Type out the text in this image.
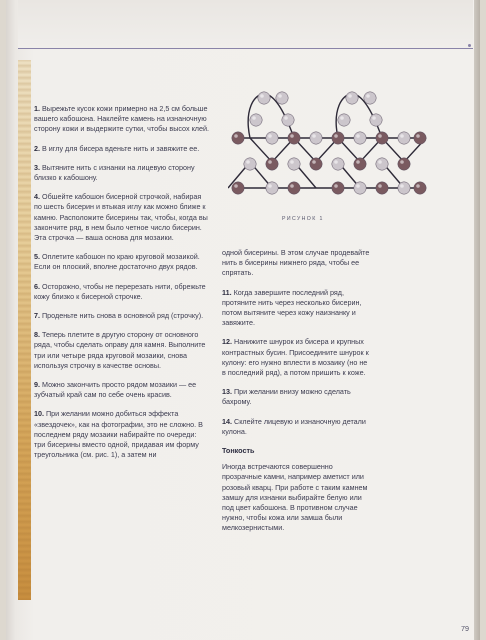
РИСУНОК 1
1. Вырежьте кусок кожи примерно на 2,5 см больше вашего кабошона. Наклейте камень на изнаночную сторону кожи и выдержите сутки, чтобы высох клей.
2. В иглу для бисера вденьте нить и завяжите ее.
3. Вытяните нить с изнанки на лицевую сторону близко к кабошону.
4. Обшейте кабошон бисерной строчкой, набирая по шесть бисерин и втыкая иглу как можно ближе к камню. Расположите бисерины так, чтобы, когда вы закончите ряд, в нем было четное число бисерин. Эта строчка — ваша основа для мозаики.
5. Оплетите кабошон по краю круговой мозаикой. Если он плоский, вполне достаточно двух рядов.
6. Осторожно, чтобы не перерезать нити, обрежьте кожу близко к бисерной строчке.
7. Проденьте нить снова в основной ряд (строчку).
8. Теперь плетите в другую сторону от основного ряда, чтобы сделать оправу для камня. Выполните три или четыре ряда круговой мозаики, снова используя строчку в качестве основы.
9. Можно закончить просто рядом мозаики — ее зубчатый край сам по себе очень красив.
10. При желании можно добиться эффекта «звездочек», как на фотографии, это не сложно. В последнем ряду мозаики набирайте по очереди: три бисерины вместо одной, придавая им форму треугольника (см. рис. 1), а затем ни
одной бисерины. В этом случае продевайте нить в бисерины нижнего ряда, чтобы ее спрятать.
11. Когда завершите последний ряд, протяните нить через несколько бисерин, потом вытяните через кожу наизнанку и завяжите.
12. Нанижите шнурок из бисера и крупных контрастных бусин. Присоедините шнурок к кулону: его нужно вплести в мозаику (но не в последний ряд), а потом пришить к коже.
13. При желании внизу можно сделать бахрому.
14. Склейте лицевую и изнаночную детали кулона.
Тонкость
Иногда встречаются совершенно прозрачные камни, например аметист или розовый кварц. При работе с таким камнем замшу для изнанки выбирайте белую или под цвет кабошона. В противном случае нужно, чтобы кожа или замша были мелкозернистыми.
79
